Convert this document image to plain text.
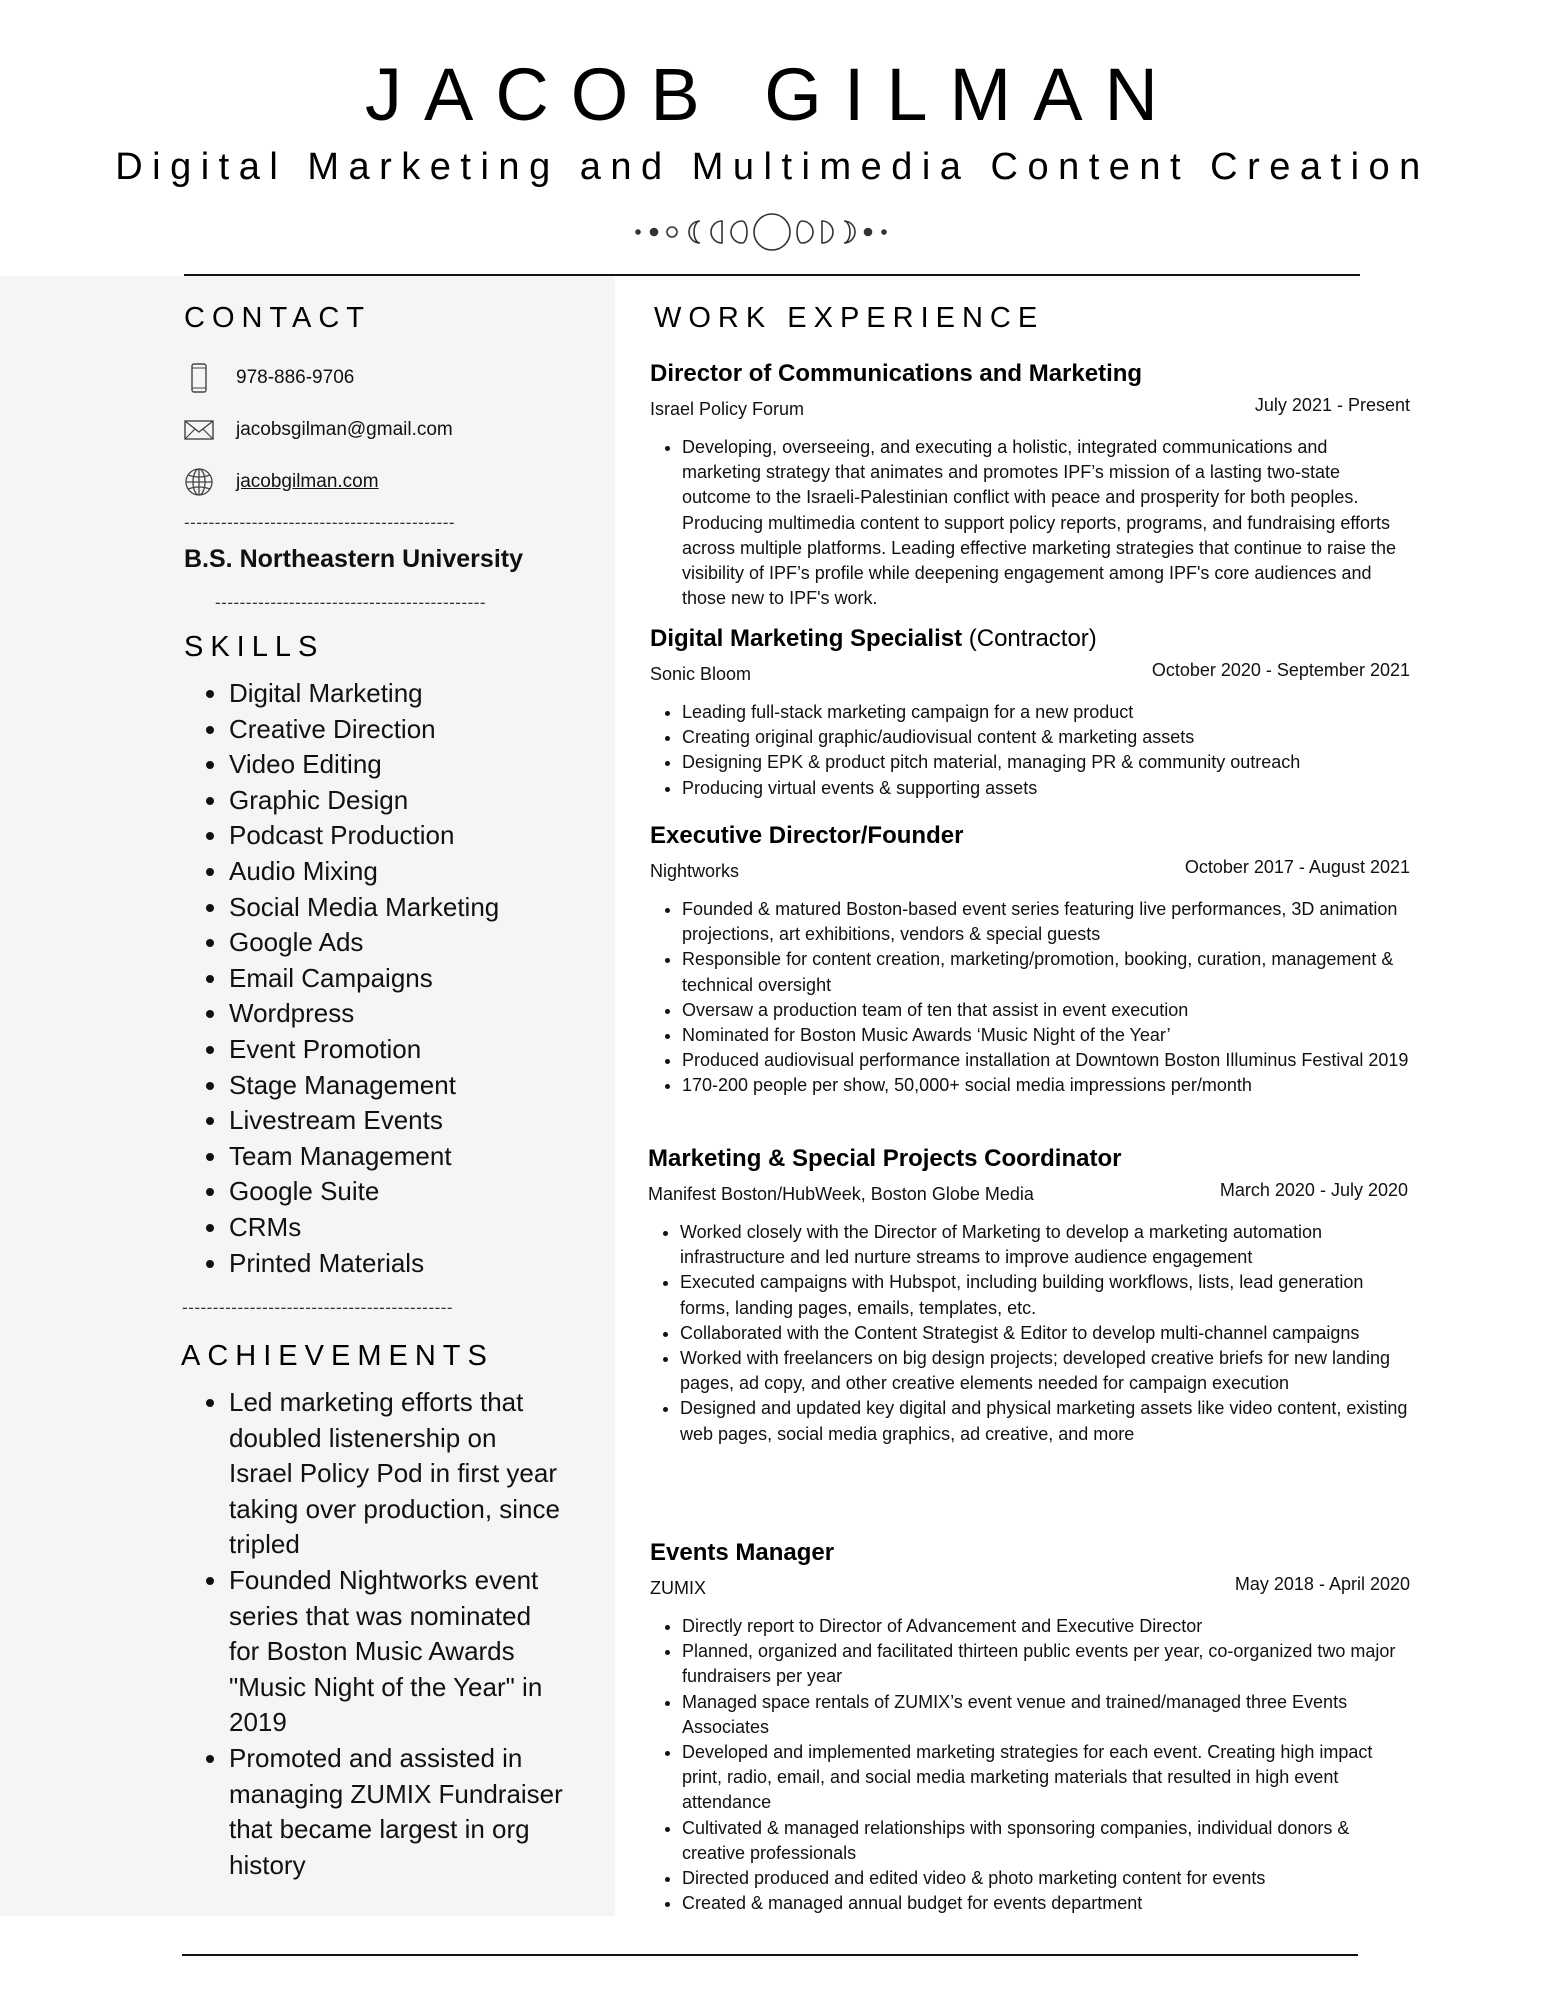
JACOB GILMAN
Digital Marketing and Multimedia Content Creation
CONTACT
978-886-9706
jacobsgilman@gmail.com
jacobgilman.com
--------------------------------------------
B.S. Northeastern University
--------------------------------------------
SKILLS
• Digital Marketing
• Creative Direction
• Video Editing
• Graphic Design
• Podcast Production
• Audio Mixing
• Social Media Marketing
• Google Ads
• Email Campaigns
• Wordpress
• Event Promotion
• Stage Management
• Livestream Events
• Team Management
• Google Suite
• CRMs
• Printed Materials
--------------------------------------------
ACHIEVEMENTS
• Led marketing efforts that doubled listenership on Israel Policy Pod in first year taking over production, since tripled
• Founded Nightworks event series that was nominated for Boston Music Awards "Music Night of the Year" in 2019
• Promoted and assisted in managing ZUMIX Fundraiser that became largest in org history
WORK EXPERIENCE
Director of Communications and Marketing
Israel Policy Forum	July 2021 - Present
• Developing, overseeing, and executing a holistic, integrated communications and marketing strategy that animates and promotes IPF’s mission of a lasting two-state outcome to the Israeli-Palestinian conflict with peace and prosperity for both peoples. Producing multimedia content to support policy reports, programs, and fundraising efforts across multiple platforms. Leading effective marketing strategies that continue to raise the visibility of IPF’s profile while deepening engagement among IPF's core audiences and those new to IPF's work.
Digital Marketing Specialist (Contractor)
Sonic Bloom	October 2020 - September 2021
• Leading full-stack marketing campaign for a new product
• Creating original graphic/audiovisual content & marketing assets
• Designing EPK & product pitch material, managing PR & community outreach
• Producing virtual events & supporting assets
Executive Director/Founder
Nightworks	October 2017 - August 2021
• Founded & matured Boston-based event series featuring live performances, 3D animation projections, art exhibitions, vendors & special guests
• Responsible for content creation, marketing/promotion, booking, curation, management & technical oversight
• Oversaw a production team of ten that assist in event execution
• Nominated for Boston Music Awards ‘Music Night of the Year’
• Produced audiovisual performance installation at Downtown Boston Illuminus Festival 2019
• 170-200 people per show, 50,000+ social media impressions per/month
Marketing & Special Projects Coordinator
Manifest Boston/HubWeek, Boston Globe Media	March 2020 - July 2020
• Worked closely with the Director of Marketing to develop a marketing automation infrastructure and led nurture streams to improve audience engagement
• Executed campaigns with Hubspot, including building workflows, lists, lead generation forms, landing pages, emails, templates, etc.
• Collaborated with the Content Strategist & Editor to develop multi-channel campaigns
• Worked with freelancers on big design projects; developed creative briefs for new landing pages, ad copy, and other creative elements needed for campaign execution
• Designed and updated key digital and physical marketing assets like video content, existing web pages, social media graphics, ad creative, and more
Events Manager
ZUMIX	May 2018 - April 2020
• Directly report to Director of Advancement and Executive Director
• Planned, organized and facilitated thirteen public events per year, co-organized two major fundraisers per year
• Managed space rentals of ZUMIX’s event venue and trained/managed three Events Associates
• Developed and implemented marketing strategies for each event. Creating high impact print, radio, email, and social media marketing materials that resulted in high event attendance
• Cultivated & managed relationships with sponsoring companies, individual donors & creative professionals
• Directed produced and edited video & photo marketing content for events
• Created & managed annual budget for events department
